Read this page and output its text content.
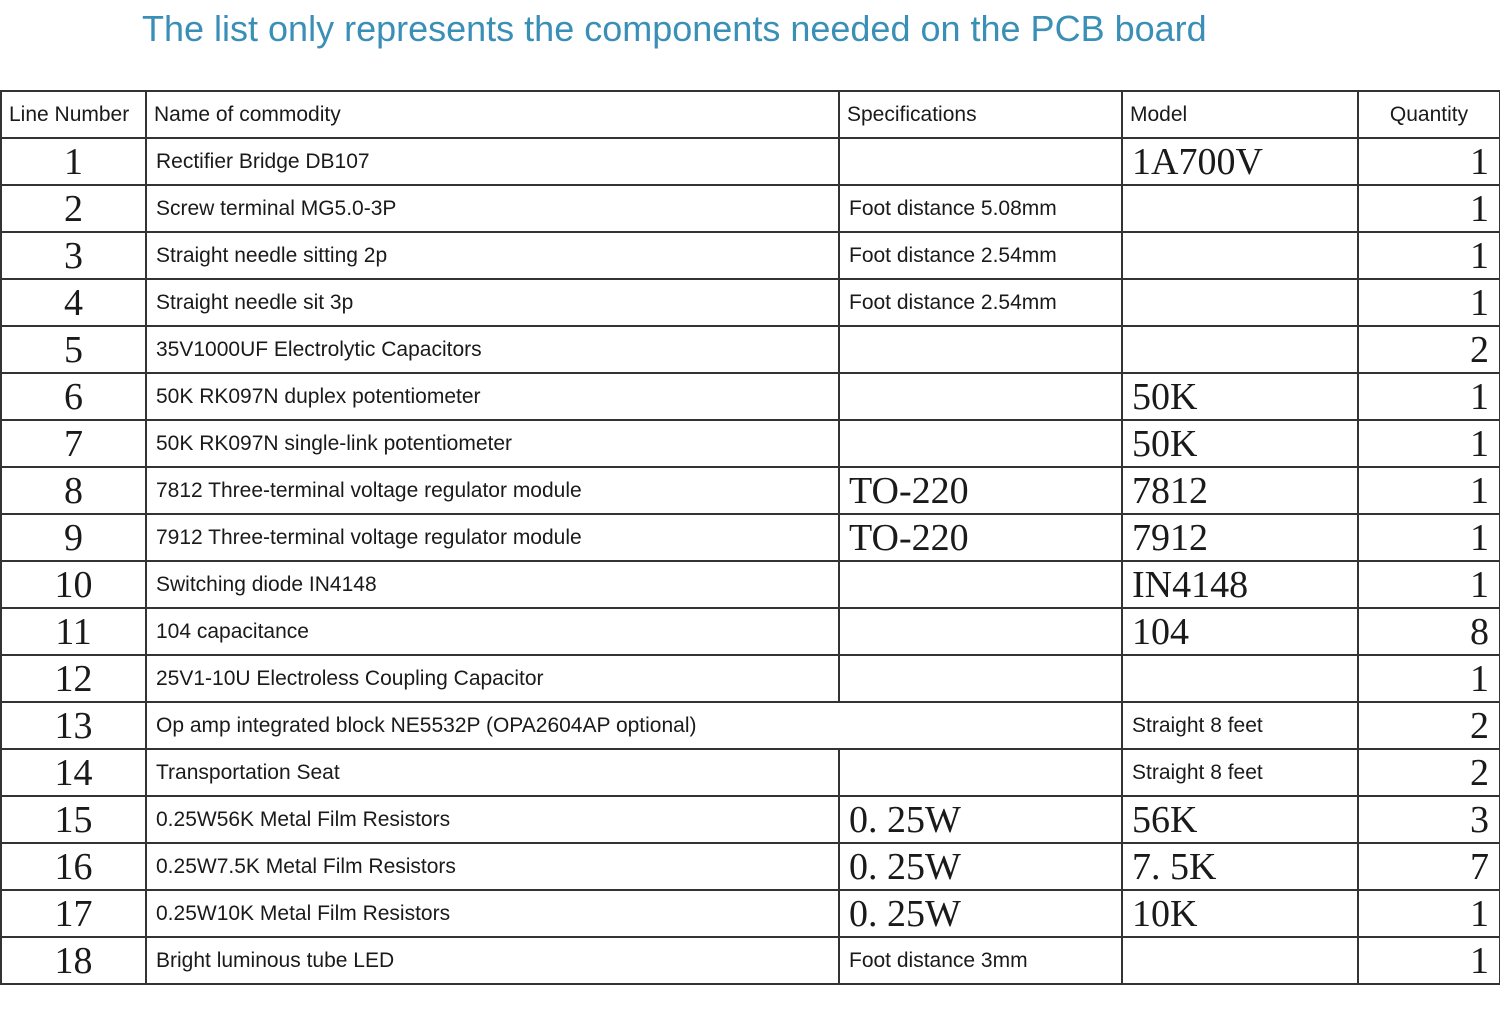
The list only represents the components needed on the PCB board
Line Number	Name of commodity	Specifications	Model	Quantity
1	Rectifier Bridge DB107		1A700V	1
2	Screw terminal MG5.0-3P	Foot distance 5.08mm		1
3	Straight needle sitting 2p	Foot distance 2.54mm		1
4	Straight needle sit 3p	Foot distance 2.54mm		1
5	35V1000UF Electrolytic Capacitors			2
6	50K RK097N duplex potentiometer		50K	1
7	50K RK097N single-link potentiometer		50K	1
8	7812 Three-terminal voltage regulator module	TO-220	7812	1
9	7912 Three-terminal voltage regulator module	TO-220	7912	1
10	Switching diode IN4148		IN4148	1
11	104 capacitance		104	8
12	25V1-10U Electroless Coupling Capacitor			1
13	Op amp integrated block NE5532P (OPA2604AP optional)		Straight 8 feet	2
14	Transportation Seat		Straight 8 feet	2
15	0.25W56K Metal Film Resistors	0. 25W	56K	3
16	0.25W7.5K Metal Film Resistors	0. 25W	7. 5K	7
17	0.25W10K Metal Film Resistors	0. 25W	10K	1
18	Bright luminous tube LED	Foot distance 3mm		1
